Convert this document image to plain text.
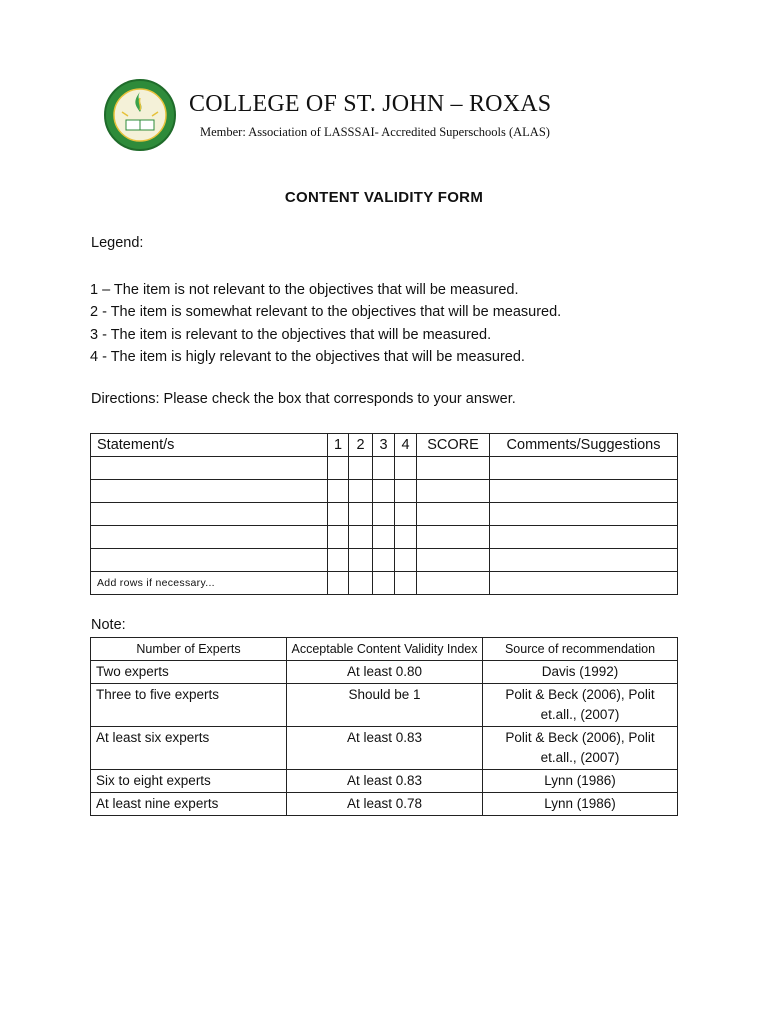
COLLEGE OF ST. JOHN – ROXAS
Member: Association of LASSSAI- Accredited Superschools (ALAS)
CONTENT VALIDITY FORM
Legend:
1 – The item is not relevant to the objectives that will be measured.
2 - The item is somewhat relevant to the objectives that will be measured.
3 - The item is relevant to the objectives that will be measured.
4 - The item is higly relevant to the objectives that will be measured.
Directions: Please check the box that corresponds to your answer.
Statement/s	1	2	3	4	SCORE	Comments/Suggestions

Add rows if necessary...						
Note:
Number of Experts	Acceptable Content Validity Index	Source of recommendation
Two experts	At least 0.80	Davis (1992)
Three to five experts	Should be 1	Polit & Beck (2006), Polit et.all., (2007)
At least six experts	At least 0.83	Polit & Beck (2006), Polit et.all., (2007)
Six to eight experts	At least 0.83	Lynn (1986)
At least nine experts	At least 0.78	Lynn (1986)
